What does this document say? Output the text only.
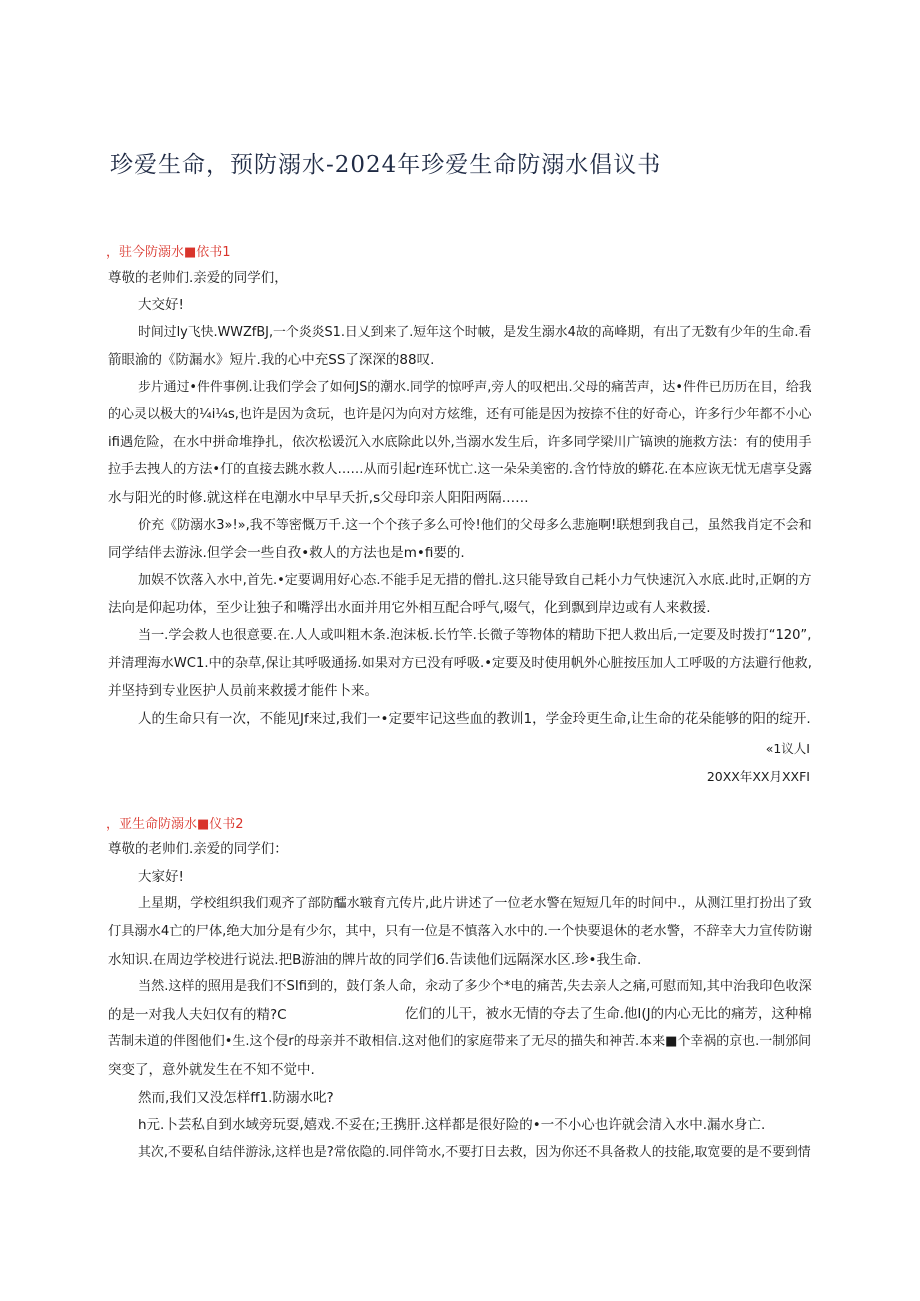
珍爱生命，预防溺水-2024年珍爱生命防溺水倡议书
，驻今防溺水■依书1
尊敬的老帅们.亲爱的同学们，
大交好!
时间过ly飞快.WWZfBJ,一个炎炎S1.日乂到来了.短年这个时帔，是发生溺水4故的高峰期，有出了无数有少年的生命.看
箭眼渝的《防漏水》短片.我的心中充SS了深深的88叹.
步片通过•件件事例.让我们学会了如何JS的潮水.同学的惊呼声,旁人的叹杷出.父母的痛苦声，达•件件已历历在目，给我
的心灵以极大的¼i¼s,也许是因为贪玩，也许是闪为向对方炫维，还有可能是因为按捺不住的好奇心，许多行少年都不小心
ifi遇危险，在水中拼命堆挣扎，依次松谖沉入水底除此以外,当溺水发生后，许多同学梁川广镐谀的施救方法：有的使用手
拉手去拽人的方法•仃的直接去跳水救人……从而引起r连环忧亡.这一朵朵美密的.含竹恃放的蟒花.在本应诙无忧无虐享殳露
水与阳光的时修.就这样在电潮水中早早夭折,s父母印亲人阳阳两隔……
价充《防溺水3»!»,我不等密慨万千.这一个个孩子多么可怜!他们的父母多么悲施啊!联想到我自己，虽然我肖定不会和
同学结伴去游泳.但学会一些自孜•救人的方法也是m•fi要的.
加娱不饮落入水中,首先.•定要调用好心态.不能手足无措的僧扎.这只能导致自己耗小力气快速沉入水底.此时,正婀的方
法向是仰起功体，至少让独子和嘴浮出水面并用它外相互配合呼气,啜气，化到飘到岸边或有人来救援.
当一.学会救人也很意要.在.人人或叫粗木条.泡沫板.长竹竿.长微子等物体的精助下把人救出后,一定要及时拨打“120”,
并清理海水WC1.中的杂草,保让其呼吸通扬.如果对方已没有呼吸.•定要及时使用帆外心脏按压加人工呼吸的方法避行他救,
并坚持到专业医护人员前来救援才能件卜来。
人的生命只有一次，不能见Jf来过,我们一•定要牢记这些血的教训1，学金玲更生命,让生命的花朵能够的阳的绽开.
«1议人I
20XX年XX月XXFI
，亚生命防溺水■仪书2
尊敬的老帅们.亲爱的同学们：
大家好!
上星期，学校组织我们观齐了部防醽水皲育亢传片,此片讲述了一位老水警在短短几年的时间中.，从测江里打扮出了致
仃具溺水4亡的尸体,绝大加分是有少尔，其中，只有一位是不慎落入水中的.一个快要退休的老水警，不辞幸大力宣传防谢
水知识.在周边学校进行说法.把B游油的牌片故的同学们6.告读他们远隔深水区.珍•我生命.
当然.这样的照用是我们不SIfi到的，鼓仃条人命，汆动了多少个*电的痛苦,失去亲人之痛,可慰而知,其中治我印色收深
的是一对我人夫妇仅有的精?C	仡们的儿干，被水无情的夺去了生命.他I(J的内心无比的痛芳，这种棉
苦制未道的伴图他们•生.这个侵r的母亲并不敢相信.这对他们的家庭带来了无尽的描失和神苦.本来■个幸祸的京也.一制邠间
突变了，意外就发生在不知不觉中.
然而,我们又没怎样ff1.防溺水叱?
h元.卜芸私自到水域旁玩耍,嬉戏.不妥在;王携肝.这样都是很好险的•一不小心也许就会清入水中.漏水身亡.
其次,不要私自结伴游泳,这样也是?常依隐的.同伴笥水,不要打日去救，因为你还不具备救人的技能,取宽要的是不要到情
